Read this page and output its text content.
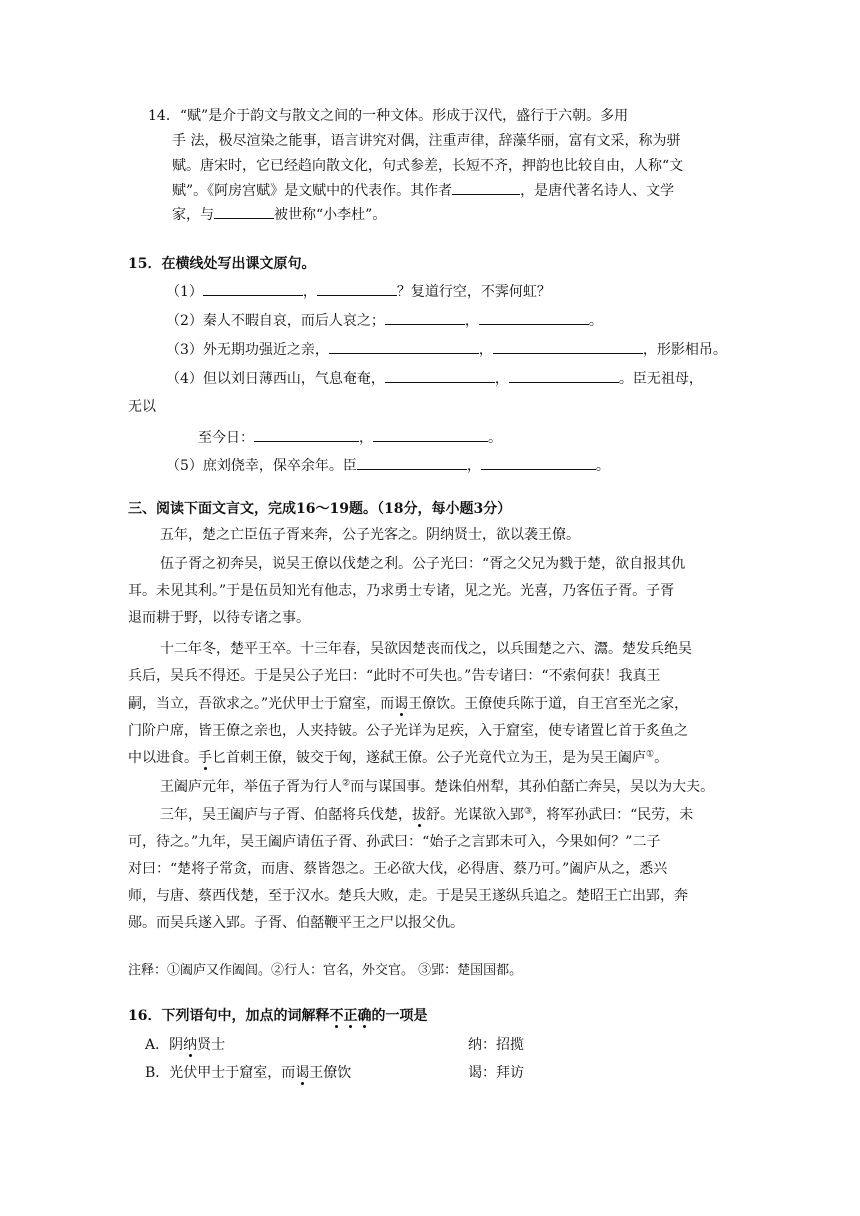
14．“赋”是介于韵文与散文之间的一种文体。形成于汉代，盛行于六朝。多用
手 法，极尽渲染之能事，语言讲究对偶，注重声律，辞藻华丽，富有文采，称为骈
赋。唐宋时，它已经趋向散文化，句式参差，长短不齐，押韵也比较自由，人称“文
赋”。《阿房宫赋》是文赋中的代表作。其作者	，是唐代著名诗人、文学
家，与	被世称“小李杜”。
15．在横线处写出课文原句。
（1）	，	？复道行空，不霁何虹？
（2）秦人不暇自哀，而后人哀之；	，	。
（3）外无期功强近之亲，	，	，形影相吊。
（4）但以刘日薄西山，气息奄奄，	，	。臣无祖母，
无以
至今日：	，	。
（5）庶刘侥幸，保卒余年。臣	，	。
三、阅读下面文言文，完成16～19题。（18分，每小题3分）
五年，楚之亡臣伍子胥来奔，公子光客之。阴纳贤士，欲以袭王僚。
伍子胥之初奔吴，说吴王僚以伐楚之利。公子光曰：“胥之父兄为戮于楚，欲自报其仇
耳。未见其利。”于是伍员知光有他志，乃求勇士专诸，见之光。光喜，乃客伍子胥。子胥
退而耕于野，以待专诸之事。
十二年冬，楚平王卒。十三年春，吴欲因楚丧而伐之，以兵围楚之六、灊。楚发兵绝吴
兵后，吴兵不得还。于是吴公子光曰：“此时不可失也。”告专诸曰：“不索何获！我真王
嗣，当立，吾欲求之。”光伏甲士于窟室，而谒王僚饮。王僚使兵陈于道，自王宫至光之家，
门阶户席，皆王僚之亲也，人夹持铍。公子光详为足疾，入于窟室，使专诸置匕首于炙鱼之
中以进食。手匕首刺王僚，铍交于匈，遂弑王僚。公子光竟代立为王，是为吴王阖庐①。
王阖庐元年，举伍子胥为行人②而与谋国事。楚诛伯州犁，其孙伯嚭亡奔吴，吴以为大夫。
三年，吴王阖庐与子胥、伯嚭将兵伐楚，拔舒。光谋欲入郢③，将军孙武曰：“民劳，未
可，待之。”九年，吴王阖庐请伍子胥、孙武曰：“始子之言郢未可入，今果如何？”二子
对曰：“楚将子常贪，而唐、蔡皆怨之。王必欲大伐，必得唐、蔡乃可。”阖庐从之，悉兴
师，与唐、蔡西伐楚，至于汉水。楚兵大败，走。于是吴王遂纵兵追之。楚昭王亡出郢，奔
郧。而吴兵遂入郢。子胥、伯嚭鞭平王之尸以报父仇。
注释：①阖庐又作阖闾。②行人：官名，外交官。 ③郢：楚国国都。
16．下列语句中，加点的词解释不正确的一项是
A．阴纳贤士	纳：招揽
B．光伏甲士于窟室，而谒王僚饮	谒：拜访
